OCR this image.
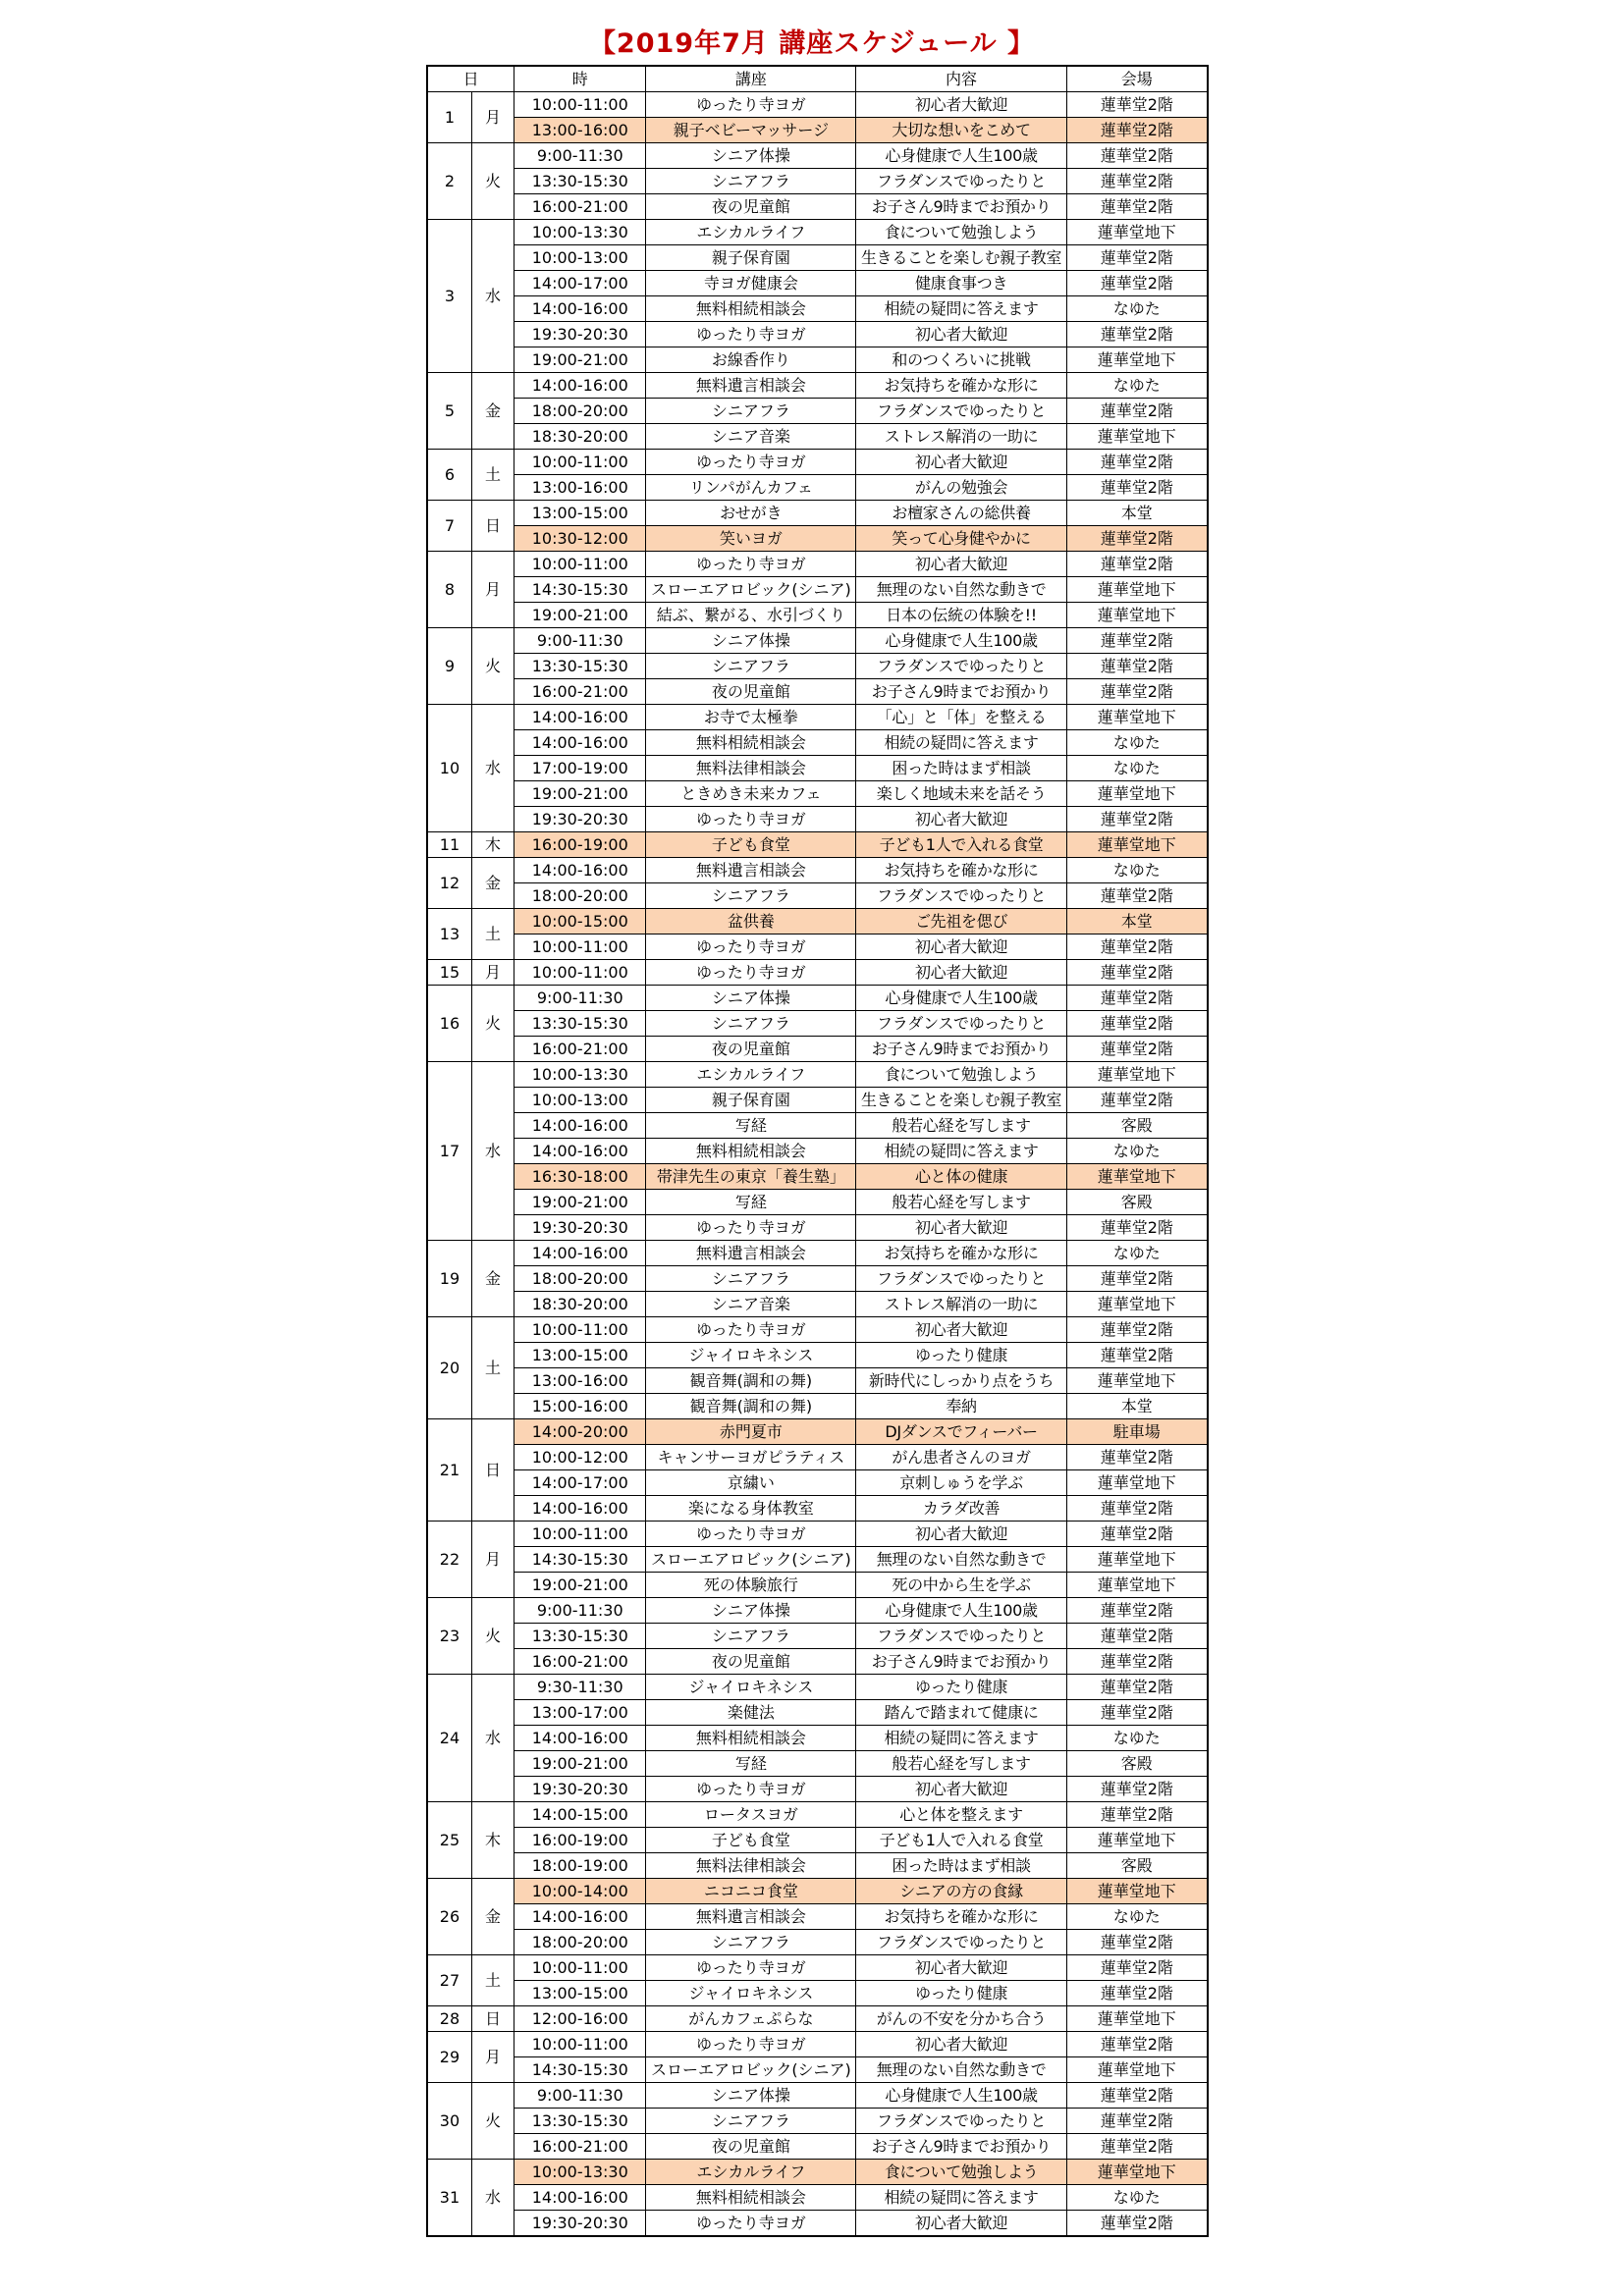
【2019年7月 講座スケジュール 】
日		時	講座	内容	会場
1	月	10:00-11:00	ゆったり寺ヨガ	初心者大歓迎	蓮華堂2階
		13:00-16:00	親子ベビーマッサージ	大切な想いをこめて	蓮華堂2階
2	火	9:00-11:30	シニア体操	心身健康で人生100歳	蓮華堂2階
		13:30-15:30	シニアフラ	フラダンスでゆったりと	蓮華堂2階
		16:00-21:00	夜の児童館	お子さん9時までお預かり	蓮華堂2階
3	水	10:00-13:30	エシカルライフ	食について勉強しよう	蓮華堂地下
		10:00-13:00	親子保育園	生きることを楽しむ親子教室	蓮華堂2階
		14:00-17:00	寺ヨガ健康会	健康食事つき	蓮華堂2階
		14:00-16:00	無料相続相談会	相続の疑問に答えます	なゆた
		19:30-20:30	ゆったり寺ヨガ	初心者大歓迎	蓮華堂2階
		19:00-21:00	お線香作り	和のつくろいに挑戦	蓮華堂地下
5	金	14:00-16:00	無料遺言相談会	お気持ちを確かな形に	なゆた
		18:00-20:00	シニアフラ	フラダンスでゆったりと	蓮華堂2階
		18:30-20:00	シニア音楽	ストレス解消の一助に	蓮華堂地下
6	土	10:00-11:00	ゆったり寺ヨガ	初心者大歓迎	蓮華堂2階
		13:00-16:00	リンパがんカフェ	がんの勉強会	蓮華堂2階
7	日	13:00-15:00	おせがき	お檀家さんの総供養	本堂
		10:30-12:00	笑いヨガ	笑って心身健やかに	蓮華堂2階
8	月	10:00-11:00	ゆったり寺ヨガ	初心者大歓迎	蓮華堂2階
		14:30-15:30	スローエアロビック(シニア)	無理のない自然な動きで	蓮華堂地下
		19:00-21:00	結ぶ、繋がる、水引づくり	日本の伝統の体験を!!	蓮華堂地下
9	火	9:00-11:30	シニア体操	心身健康で人生100歳	蓮華堂2階
		13:30-15:30	シニアフラ	フラダンスでゆったりと	蓮華堂2階
		16:00-21:00	夜の児童館	お子さん9時までお預かり	蓮華堂2階
10	水	14:00-16:00	お寺で太極拳	「心」と「体」を整える	蓮華堂地下
		14:00-16:00	無料相続相談会	相続の疑問に答えます	なゆた
		17:00-19:00	無料法律相談会	困った時はまず相談	なゆた
		19:00-21:00	ときめき未来カフェ	楽しく地域未来を話そう	蓮華堂地下
		19:30-20:30	ゆったり寺ヨガ	初心者大歓迎	蓮華堂2階
11	木	16:00-19:00	子ども食堂	子ども1人で入れる食堂	蓮華堂地下
12	金	14:00-16:00	無料遺言相談会	お気持ちを確かな形に	なゆた
		18:00-20:00	シニアフラ	フラダンスでゆったりと	蓮華堂2階
13	土	10:00-15:00	盆供養	ご先祖を偲び	本堂
		10:00-11:00	ゆったり寺ヨガ	初心者大歓迎	蓮華堂2階
15	月	10:00-11:00	ゆったり寺ヨガ	初心者大歓迎	蓮華堂2階
16	火	9:00-11:30	シニア体操	心身健康で人生100歳	蓮華堂2階
		13:30-15:30	シニアフラ	フラダンスでゆったりと	蓮華堂2階
		16:00-21:00	夜の児童館	お子さん9時までお預かり	蓮華堂2階
17	水	10:00-13:30	エシカルライフ	食について勉強しよう	蓮華堂地下
		10:00-13:00	親子保育園	生きることを楽しむ親子教室	蓮華堂2階
		14:00-16:00	写経	般若心経を写します	客殿
		14:00-16:00	無料相続相談会	相続の疑問に答えます	なゆた
		16:30-18:00	帯津先生の東京「養生塾」	心と体の健康	蓮華堂地下
		19:00-21:00	写経	般若心経を写します	客殿
		19:30-20:30	ゆったり寺ヨガ	初心者大歓迎	蓮華堂2階
19	金	14:00-16:00	無料遺言相談会	お気持ちを確かな形に	なゆた
		18:00-20:00	シニアフラ	フラダンスでゆったりと	蓮華堂2階
		18:30-20:00	シニア音楽	ストレス解消の一助に	蓮華堂地下
20	土	10:00-11:00	ゆったり寺ヨガ	初心者大歓迎	蓮華堂2階
		13:00-15:00	ジャイロキネシス	ゆったり健康	蓮華堂2階
		13:00-16:00	観音舞(調和の舞)	新時代にしっかり点をうち	蓮華堂地下
		15:00-16:00	観音舞(調和の舞)	奉納	本堂
21	日	14:00-20:00	赤門夏市	DJダンスでフィーバー	駐車場
		10:00-12:00	キャンサーヨガピラティス	がん患者さんのヨガ	蓮華堂2階
		14:00-17:00	京繍い	京刺しゅうを学ぶ	蓮華堂地下
		14:00-16:00	楽になる身体教室	カラダ改善	蓮華堂2階
22	月	10:00-11:00	ゆったり寺ヨガ	初心者大歓迎	蓮華堂2階
		14:30-15:30	スローエアロビック(シニア)	無理のない自然な動きで	蓮華堂地下
		19:00-21:00	死の体験旅行	死の中から生を学ぶ	蓮華堂地下
23	火	9:00-11:30	シニア体操	心身健康で人生100歳	蓮華堂2階
		13:30-15:30	シニアフラ	フラダンスでゆったりと	蓮華堂2階
		16:00-21:00	夜の児童館	お子さん9時までお預かり	蓮華堂2階
24	水	9:30-11:30	ジャイロキネシス	ゆったり健康	蓮華堂2階
		13:00-17:00	楽健法	踏んで踏まれて健康に	蓮華堂2階
		14:00-16:00	無料相続相談会	相続の疑問に答えます	なゆた
		19:00-21:00	写経	般若心経を写します	客殿
		19:30-20:30	ゆったり寺ヨガ	初心者大歓迎	蓮華堂2階
25	木	14:00-15:00	ロータスヨガ	心と体を整えます	蓮華堂2階
		16:00-19:00	子ども食堂	子ども1人で入れる食堂	蓮華堂地下
		18:00-19:00	無料法律相談会	困った時はまず相談	客殿
26	金	10:00-14:00	ニコニコ食堂	シニアの方の食縁	蓮華堂地下
		14:00-16:00	無料遺言相談会	お気持ちを確かな形に	なゆた
		18:00-20:00	シニアフラ	フラダンスでゆったりと	蓮華堂2階
27	土	10:00-11:00	ゆったり寺ヨガ	初心者大歓迎	蓮華堂2階
		13:00-15:00	ジャイロキネシス	ゆったり健康	蓮華堂2階
28	日	12:00-16:00	がんカフェぷらな	がんの不安を分かち合う	蓮華堂地下
29	月	10:00-11:00	ゆったり寺ヨガ	初心者大歓迎	蓮華堂2階
		14:30-15:30	スローエアロビック(シニア)	無理のない自然な動きで	蓮華堂地下
30	火	9:00-11:30	シニア体操	心身健康で人生100歳	蓮華堂2階
		13:30-15:30	シニアフラ	フラダンスでゆったりと	蓮華堂2階
		16:00-21:00	夜の児童館	お子さん9時までお預かり	蓮華堂2階
31	水	10:00-13:30	エシカルライフ	食について勉強しよう	蓮華堂地下
		14:00-16:00	無料相続相談会	相続の疑問に答えます	なゆた
		19:30-20:30	ゆったり寺ヨガ	初心者大歓迎	蓮華堂2階
